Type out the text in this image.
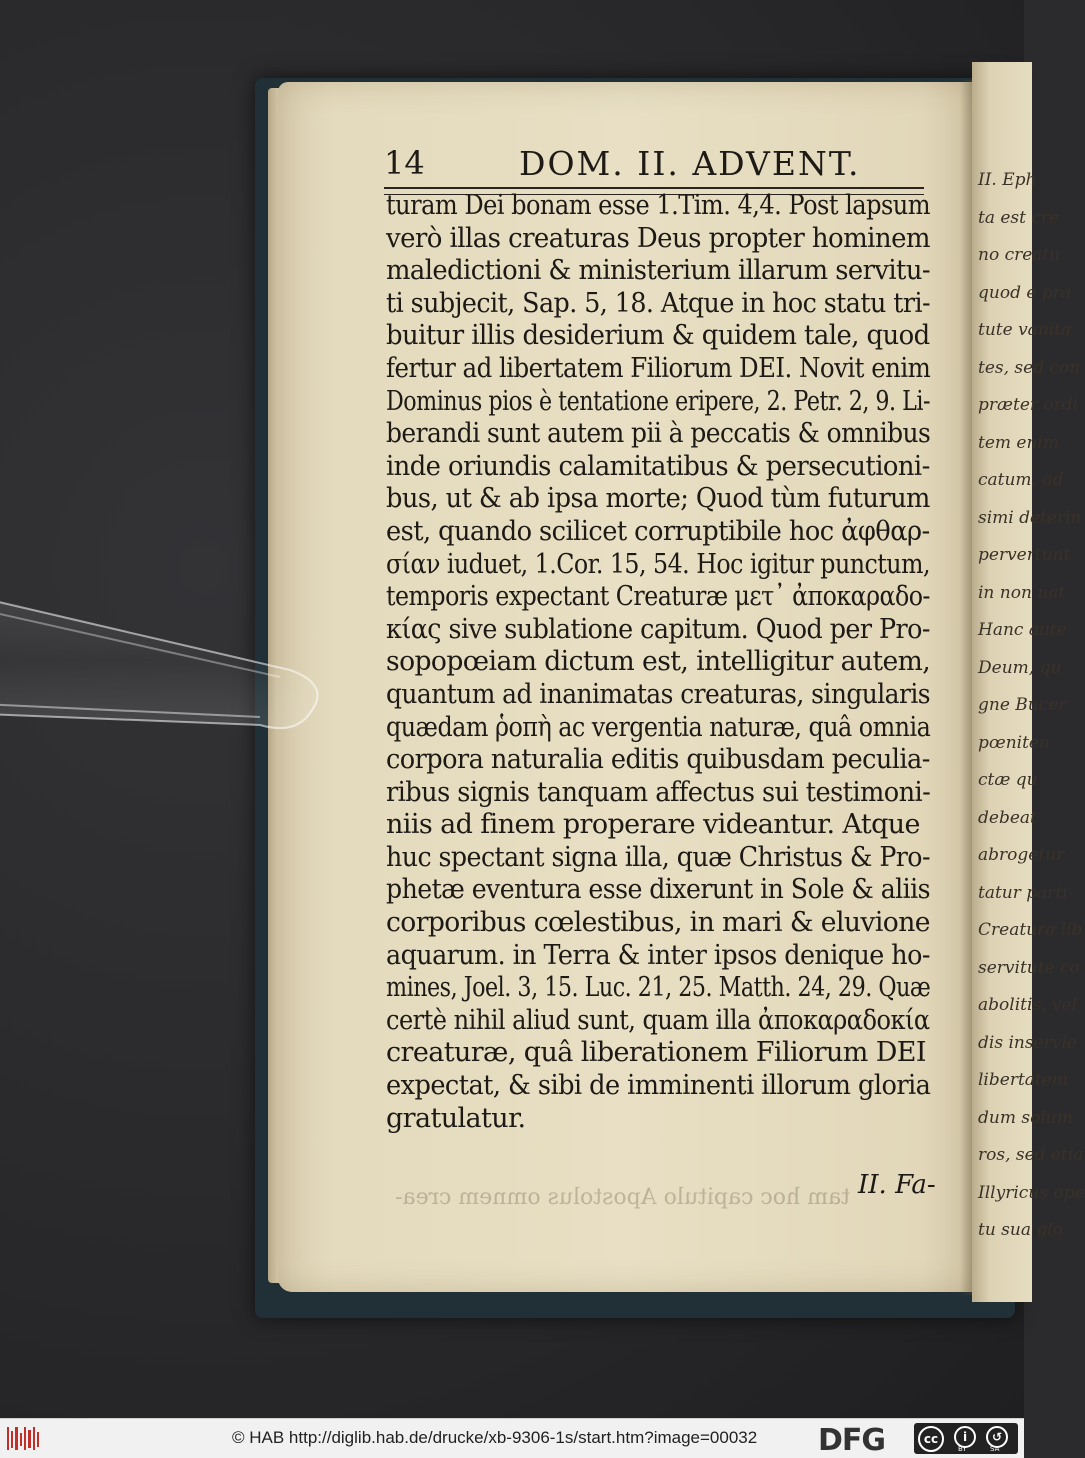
II. Eph
ta est cre
no creatu
quod e pra
tute vanita
tes, sed con
præter ordi
tem enim
catum, ad
simi deterin
pervertunt
in non nat
Hanc aute
Deum, qu
gne Bucer
pœniten
ctæ qu
debeat
abrogetur
tatur parti
Creatura lib
servitute co
abolitis, vel
dis inservie
libertatem
dum solum
ros, sed etia
Illyricus ope
tu sua glo
14	DOM. II. ADVENT.
turam Dei bonam esse 1.Tim. 4,4. Post lapsum
verò illas creaturas Deus propter hominem
maledictioni & ministerium illarum servitu-
ti subjecit, Sap. 5, 18. Atque in hoc statu tri-
buitur illis desiderium & quidem tale, quod
fertur ad libertatem Filiorum DEI. Novit enim
Dominus pios è tentatione eripere, 2. Petr. 2, 9. Li-
berandi sunt autem pii à peccatis & omnibus
inde oriundis calamitatibus & persecutioni-
bus, ut & ab ipsa morte; Quod tùm futurum
est, quando scilicet corruptibile hoc ἀφθαρ-
σίαν iuduet, 1.Cor. 15, 54. Hoc igitur punctum,
temporis expectant Creaturæ μετ᾽ ἀποκαραδο-
κίας sive sublatione capitum. Quod per Pro-
sopopœiam dictum est, intelligitur autem,
quantum ad inanimatas creaturas, singularis
quædam ῥοπὴ ac vergentia naturæ, quâ omnia
corpora naturalia editis quibusdam peculia-
ribus signis tanquam affectus sui testimoni-
niis ad finem properare videantur. Atque
huc spectant signa illa, quæ Christus & Pro-
phetæ eventura esse dixerunt in Sole & aliis
corporibus cœlestibus, in mari & eluvione
aquarum. in Terra & inter ipsos denique ho-
mines, Joel. 3, 15. Luc. 21, 25. Matth. 24, 29. Quæ
certè nihil aliud sunt, quam illa ἀποκαραδοκία
creaturæ, quâ liberationem Filiorum DEI
expectat, & sibi de imminenti illorum gloria
gratulatur.
tam hoc capitulo Apostolus omnem crea- II. Fa-
© HAB http://diglib.hab.de/drucke/xb-9306-1s/start.htm?image=00032 DFG	cc	i
BY
↺
SA
